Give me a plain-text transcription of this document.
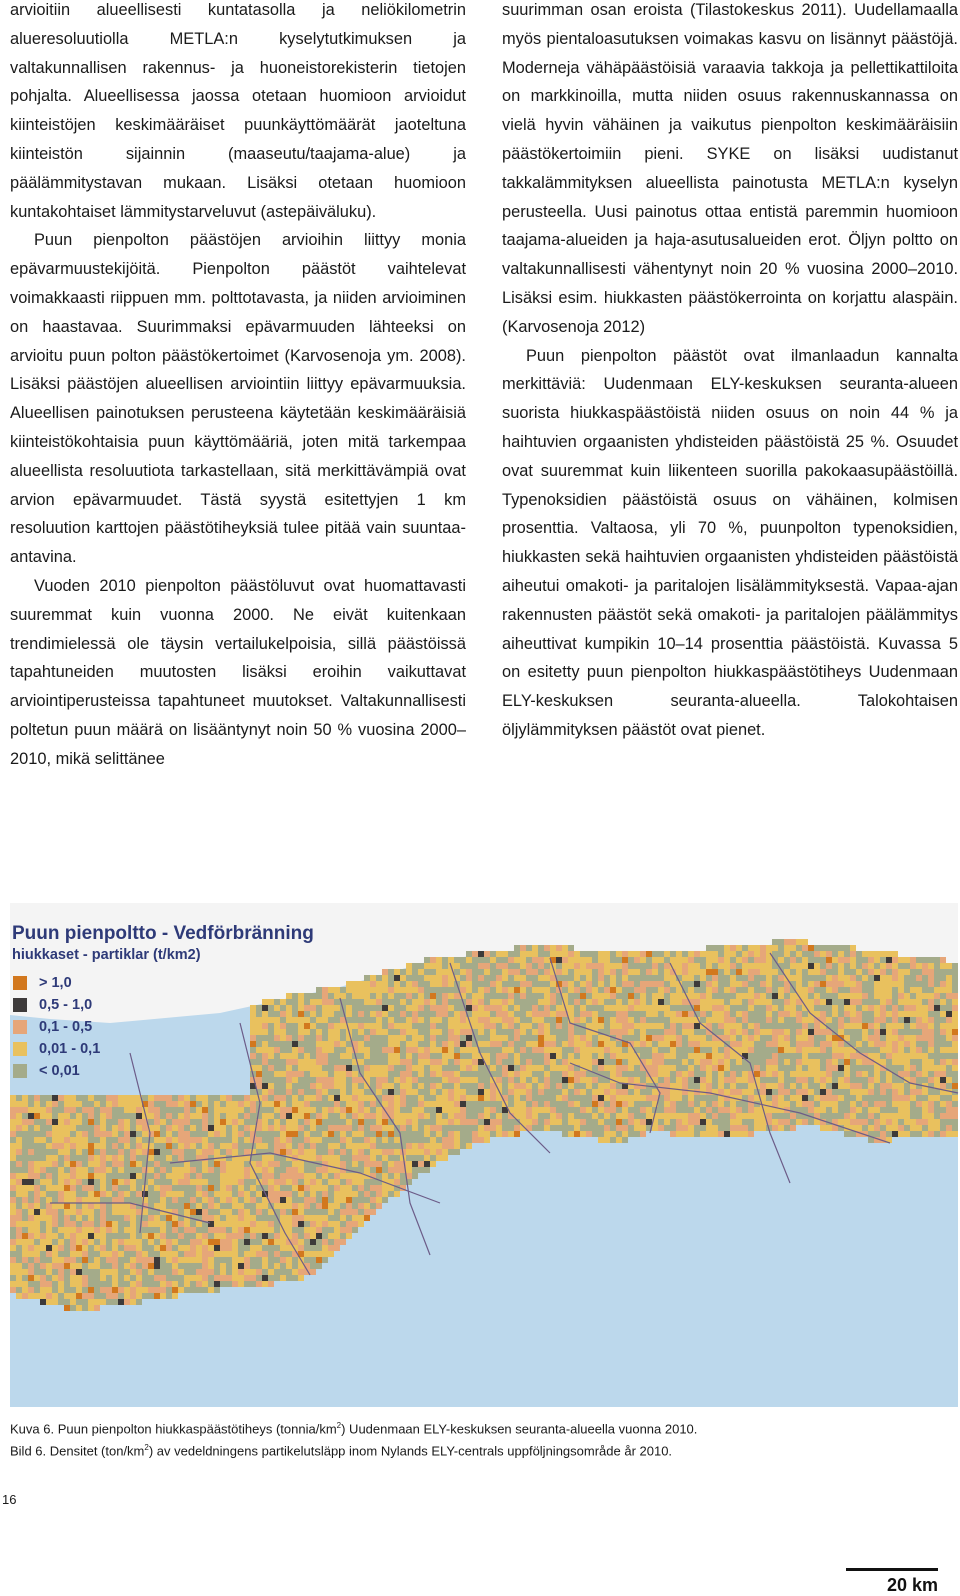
arvioitiin alueellisesti kuntatasolla ja neliökilometrin alueresoluutiolla METLA:n kyselytutkimuksen ja valtakunnallisen rakennus- ja huoneistorekisterin tietojen pohjalta. Alueellisessa jaossa otetaan huomioon arvioidut kiinteistöjen keskimääräiset puunkäyttömäärät jaoteltuna kiinteistön sijainnin (maaseutu/taajama-alue) ja päälämmitystavan mukaan. Lisäksi otetaan huomioon kuntakohtaiset lämmitystarveluvut (astepäiväluku).

Puun pienpolton päästöjen arvioihin liittyy monia epävarmuustekijöitä. Pienpolton päästöt vaihtelevat voimakkaasti riippuen mm. polttotavasta, ja niiden arvioiminen on haastavaa. Suurimmaksi epävarmuuden lähteeksi on arvioitu puun polton päästökertoimet (Karvosenoja ym. 2008). Lisäksi päästöjen alueellisen arviointiin liittyy epävarmuuksia. Alueellisen painotuksen perusteena käytetään keskimääräisiä kiinteistökohtaisia puun käyttömääriä, joten mitä tarkempaa alueellista resoluutiota tarkastellaan, sitä merkittävämpiä ovat arvion epävarmuudet. Tästä syystä esitettyjen 1 km resoluution karttojen päästötiheyksiä tulee pitää vain suuntaa-antavina.

Vuoden 2010 pienpolton päästöluvut ovat huomattavasti suuremmat kuin vuonna 2000. Ne eivät kuitenkaan trendimielessä ole täysin vertailukelpoisia, sillä päästöissä tapahtuneiden muutosten lisäksi eroihin vaikuttavat arviointiperusteissa tapahtuneet muutokset. Valtakunnallisesti poltetun puun määrä on lisääntynyt noin 50 % vuosina 2000–2010, mikä selittänee

suurimman osan eroista (Tilastokeskus 2011). Uudellamaalla myös pientaloasutuksen voimakas kasvu on lisännyt päästöjä. Moderneja vähäpäästöisiä varaavia takkoja ja pellettikattiloita on markkinoilla, mutta niiden osuus rakennuskannassa on vielä hyvin vähäinen ja vaikutus pienpolton keskimääräisiin päästökertoimiin pieni. SYKE on lisäksi uudistanut takkalämmityksen alueellista painotusta METLA:n kyselyn perusteella. Uusi painotus ottaa entistä paremmin huomioon taajama-alueiden ja haja-asutusalueiden erot. Öljyn poltto on valtakunnallisesti vähentynyt noin 20 % vuosina 2000–2010. Lisäksi esim. hiukkasten päästökerrointa on korjattu alaspäin. (Karvosenoja 2012)

Puun pienpolton päästöt ovat ilmanlaadun kannalta merkittäviä: Uudenmaan ELY-keskuksen seuranta-alueen suorista hiukkaspäästöistä niiden osuus on noin 44 % ja haihtuvien orgaanisten yhdisteiden päästöistä 25 %. Osuudet ovat suuremmat kuin liikenteen suorilla pakokaasupäästöillä. Typenoksidien päästöistä osuus on vähäinen, kolmisen prosenttia. Valtaosa, yli 70 %, puunpolton typenoksidien, hiukkasten sekä haihtuvien orgaanisten yhdisteiden päästöistä aiheutui omakoti- ja paritalojen lisälämmityksestä. Vapaa-ajan rakennusten päästöt sekä omakoti- ja paritalojen päälämmitys aiheuttivat kumpikin 10–14 prosenttia päästöistä. Kuvassa 5 on esitetty puun pienpolton hiukkaspäästötiheys Uudenmaan ELY-keskuksen seuranta-alueella. Talokohtaisen öljylämmityksen päästöt ovat pienet.

Puun pienpoltto - Vedförbränning
hiukkaset - partiklar (t/km2)
> 1,0
0,5 - 1,0
0,1 - 0,5
0,01 - 0,1
< 0,01
20 km
Kuva 6. Puun pienpolton hiukkaspäästötiheys $(tonnia/km^2)$ Uudenmaan ELY-keskuksen seuranta-alueella vuonna 2010.
Bild 6. Densitet $(ton/km^2)$ av vedeldningens partikelutsläpp inom Nylands ELY-centrals uppföljningsområde år 2010.
16
